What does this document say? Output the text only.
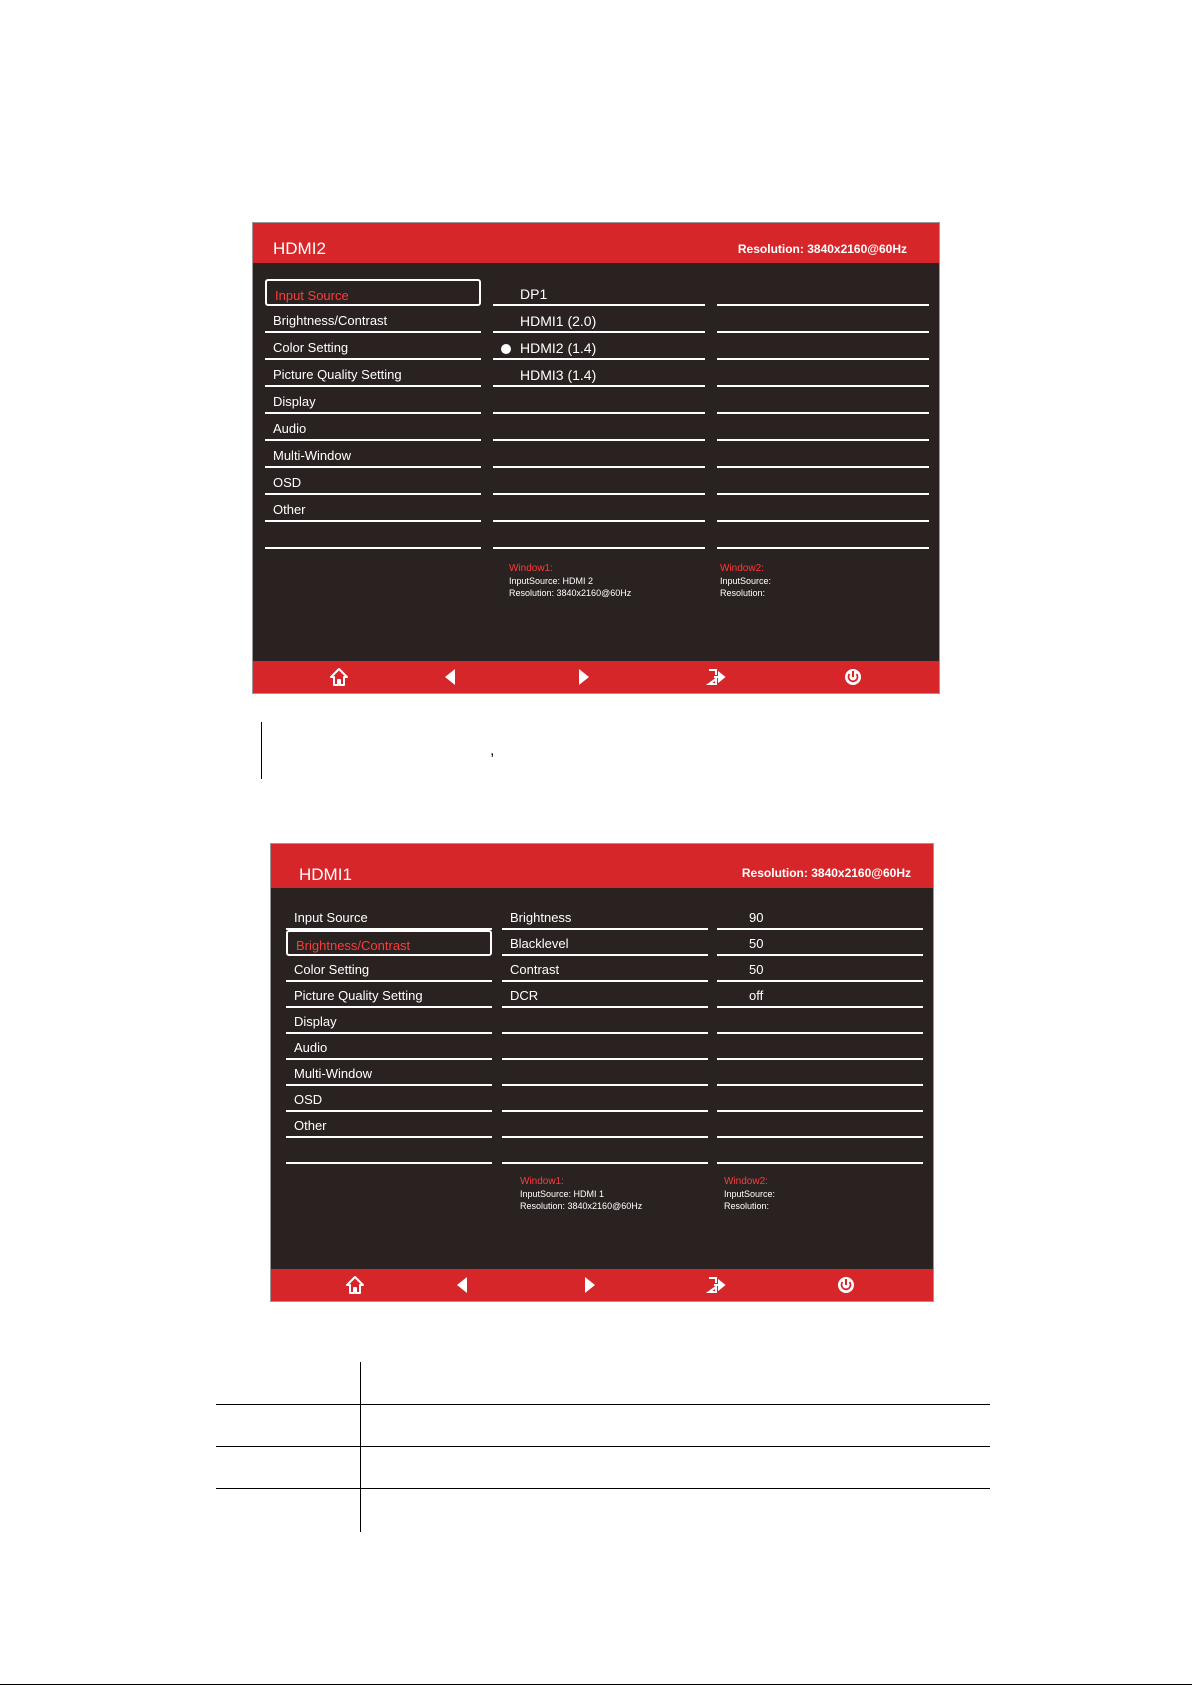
HDMI2	Resolution: 3840x2160@60Hz
Input Source
Brightness/Contrast
Color Setting
Picture Quality Setting
Display
Audio
Multi-Window
OSD
Other
DP1
HDMI1 (2.0)
HDMI2 (1.4)
HDMI3 (1.4)
Window1:
InputSource: HDMI 2
Resolution: 3840x2160@60Hz
Window2:
InputSource:
Resolution:
,
HDMI1	Resolution: 3840x2160@60Hz
Input Source
Brightness/Contrast
Color Setting
Picture Quality Setting
Display
Audio
Multi-Window
OSD
Other
Brightness
Blacklevel
Contrast
DCR
90
50
50
off
Window1:
InputSource: HDMI 1
Resolution: 3840x2160@60Hz
Window2:
InputSource:
Resolution:
